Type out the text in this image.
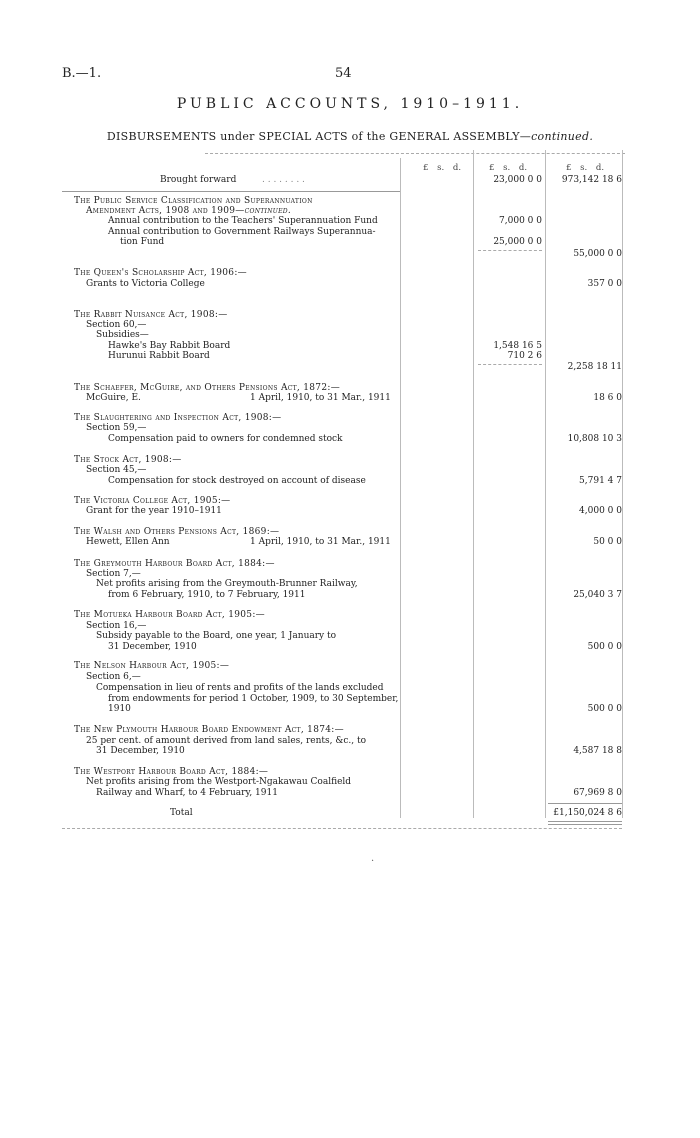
B.—1.	54
PUBLIC ACCOUNTS, 1910–1911.
DISBURSEMENTS under SPECIAL ACTS of the GENERAL ASSEMBLY—continued.
£ s. d.	£ s. d.	£ s. d.
Brought forward	. . . . . . . .	23,000 0 0 973,142 18 6
The Public Service Classification and Superannuation
Amendment Acts, 1908 and 1909—continued.
Annual contribution to the Teachers' Superannuation Fund	7,000 0 0
Annual contribution to Government Railways Superannua-
tion Fund	25,000 0 0
55,000 0 0
The Queen's Scholarship Act, 1906:—
Grants to Victoria College	357 0 0
The Rabbit Nuisance Act, 1908:—
Section 60,—
Subsidies—
Hawke's Bay Rabbit Board	1,548 16 5
Hurunui Rabbit Board	710 2 6
2,258 18 11
The Schaefer, McGuire, and Others Pensions Act, 1872:—
McGuire, E.	1 April, 1910, to 31 Mar., 1911	18 6 0
The Slaughtering and Inspection Act, 1908:—
Section 59,—
Compensation paid to owners for condemned stock	10,808 10 3
The Stock Act, 1908:—
Section 45,—
Compensation for stock destroyed on account of disease	5,791 4 7
The Victoria College Act, 1905:—
Grant for the year 1910–1911	4,000 0 0
The Walsh and Others Pensions Act, 1869:—
Hewett, Ellen Ann	1 April, 1910, to 31 Mar., 1911	50 0 0
The Greymouth Harbour Board Act, 1884:—
Section 7,—
Net profits arising from the Greymouth-Brunner Railway,
from 6 February, 1910, to 7 February, 1911	25,040 3 7
The Motueka Harbour Board Act, 1905:—
Section 16,—
Subsidy payable to the Board, one year, 1 January to
31 December, 1910	500 0 0
The Nelson Harbour Act, 1905:—
Section 6,—
Compensation in lieu of rents and profits of the lands excluded
from endowments for period 1 October, 1909, to 30 September,
1910	500 0 0
The New Plymouth Harbour Board Endowment Act, 1874:—
25 per cent. of amount derived from land sales, rents, &c., to
31 December, 1910	4,587 18 8
The Westport Harbour Board Act, 1884:—
Net profits arising from the Westport-Ngakawau Coalfield
Railway and Wharf, to 4 February, 1911	67,969 8 0
Total	£1,150,024 8 6
·
